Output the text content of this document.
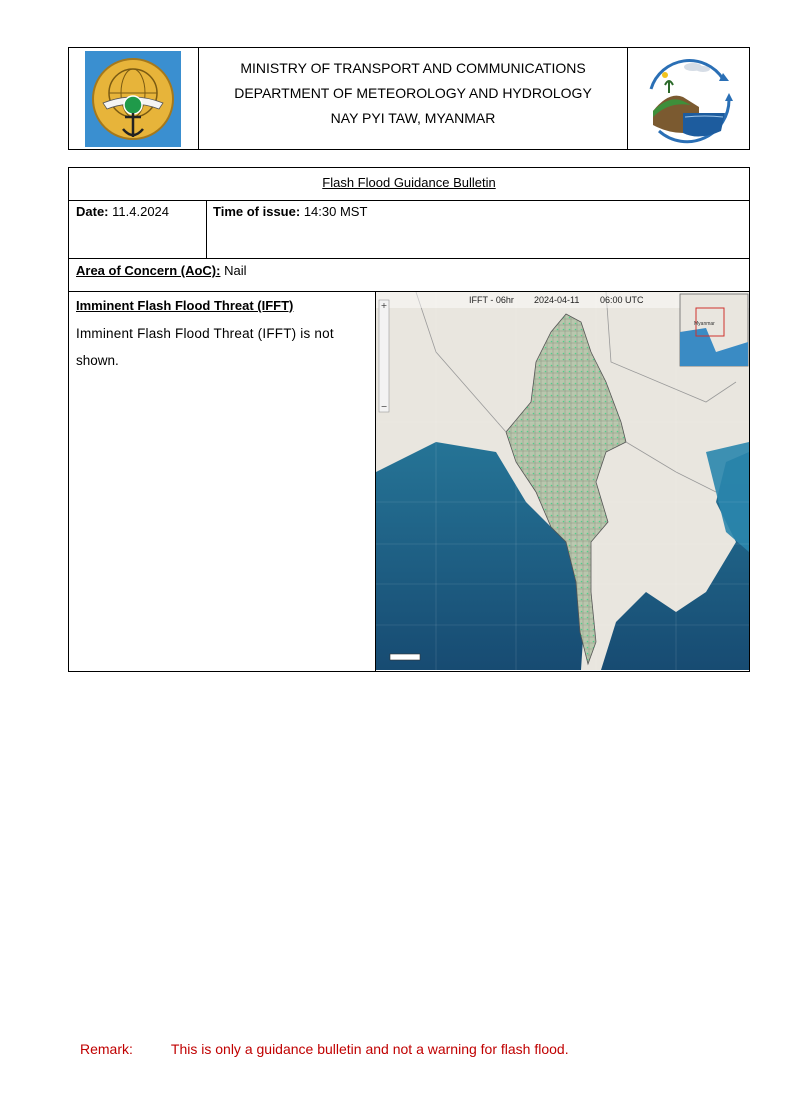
MINISTRY OF TRANSPORT AND COMMUNICATIONS
DEPARTMENT OF METEOROLOGY AND HYDROLOGY
NAY PYI TAW, MYANMAR
Flash Flood Guidance Bulletin
Date: 11.4.2024	Time of issue: 14:30 MST
Area of Concern (AoC): Nail
Imminent Flash Flood Threat (IFFT)
Imminent Flash Flood Threat (IFFT) is not
shown.
+
−
IFFT - 06hr 2024-04-11 06:00 UTC
Myanmar
Remark:	This is only a guidance bulletin and not a warning for flash flood.
